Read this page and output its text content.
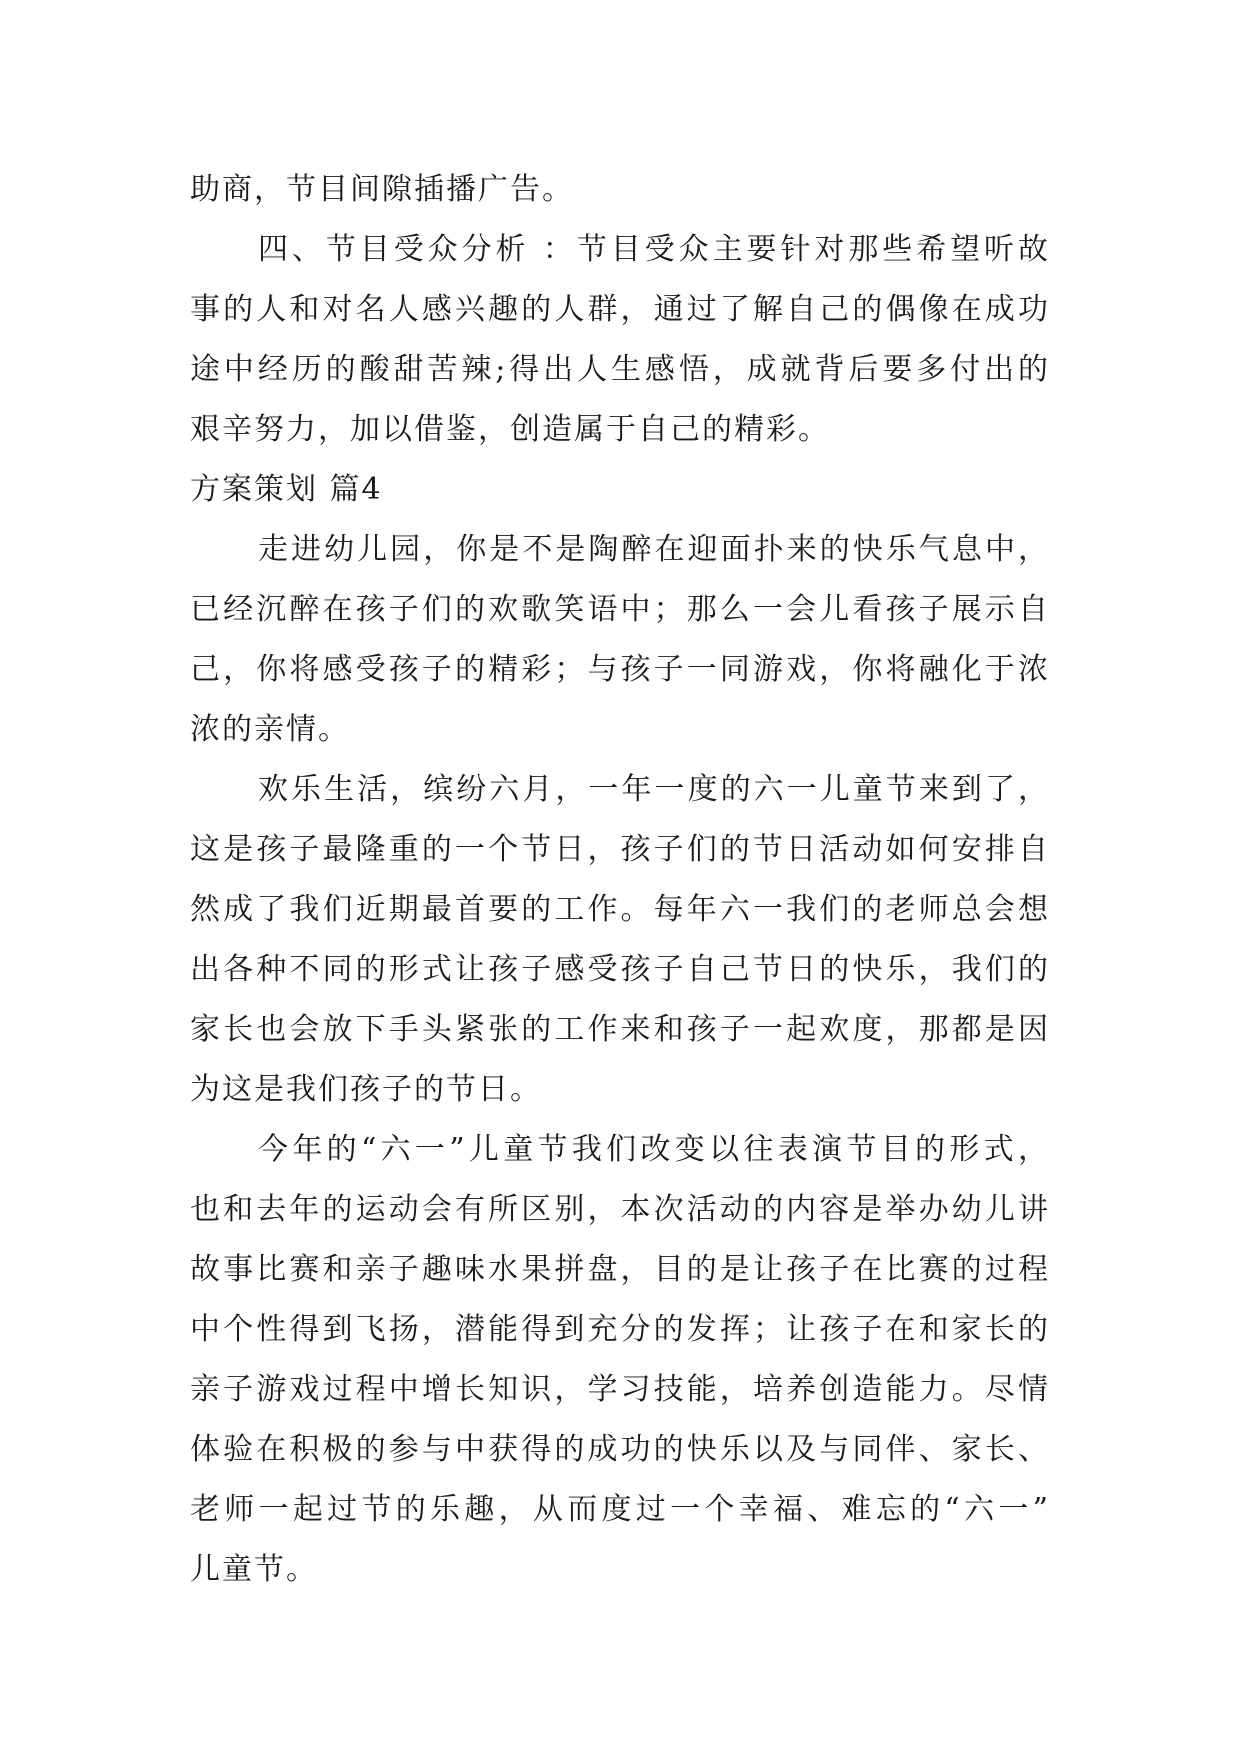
助商，节目间隙插播广告。
四、节目受众分析 ：节目受众主要针对那些希望听故
事的人和对名人感兴趣的人群，通过了解自己的偶像在成功
途中经历的酸甜苦辣;得出人生感悟，成就背后要多付出的
艰辛努力，加以借鉴，创造属于自己的精彩。
方案策划 篇4
走进幼儿园，你是不是陶醉在迎面扑来的快乐气息中，
已经沉醉在孩子们的欢歌笑语中；那么一会儿看孩子展示自
己，你将感受孩子的精彩；与孩子一同游戏，你将融化于浓
浓的亲情。
欢乐生活，缤纷六月，一年一度的六一儿童节来到了，
这是孩子最隆重的一个节日，孩子们的节日活动如何安排自
然成了我们近期最首要的工作。每年六一我们的老师总会想
出各种不同的形式让孩子感受孩子自己节日的快乐，我们的
家长也会放下手头紧张的工作来和孩子一起欢度，那都是因
为这是我们孩子的节日。
今年的“六一”儿童节我们改变以往表演节目的形式，
也和去年的运动会有所区别，本次活动的内容是举办幼儿讲
故事比赛和亲子趣味水果拼盘，目的是让孩子在比赛的过程
中个性得到飞扬，潜能得到充分的发挥；让孩子在和家长的
亲子游戏过程中增长知识，学习技能，培养创造能力。尽情
体验在积极的参与中获得的成功的快乐以及与同伴、家长、
老师一起过节的乐趣，从而度过一个幸福、难忘的“六一”
儿童节。
